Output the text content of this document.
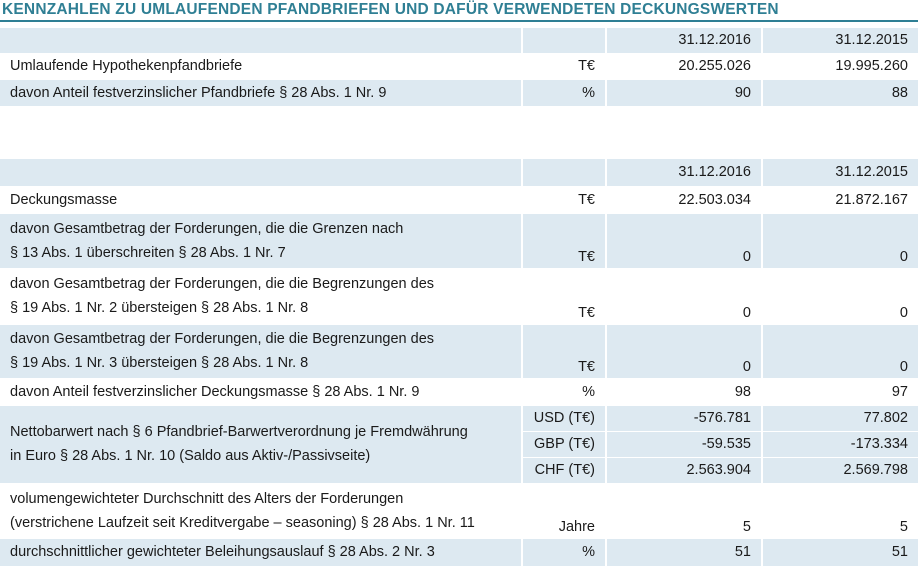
KENNZAHLEN ZU UMLAUFENDEN PFANDBRIEFEN UND DAFÜR VERWENDETEN DECKUNGSWERTEN
		31.12.2016	31.12.2015
Umlaufende Hypothekenpfandbriefe	T€	20.255.026	19.995.260
davon Anteil festverzinslicher Pfandbriefe § 28 Abs. 1 Nr. 9	%	90	88
		31.12.2016	31.12.2015
Deckungsmasse	T€	22.503.034	21.872.167

davon Gesamtbetrag der Forderungen, die die Grenzen nach
§ 13 Abs. 1 überschreiten § 28 Abs. 1 Nr. 7	T€	0	0

davon Gesamtbetrag der Forderungen, die die Begrenzungen des
§ 19 Abs. 1 Nr. 2 übersteigen § 28 Abs. 1 Nr. 8	T€	0	0

davon Gesamtbetrag der Forderungen, die die Begrenzungen des
§ 19 Abs. 1 Nr. 3 übersteigen § 28 Abs. 1 Nr. 8	T€	0	0
davon Anteil festverzinslicher Deckungsmasse § 28 Abs. 1 Nr. 9	%	98	97

Nettobarwert nach § 6 Pfandbrief-Barwertverordnung je Fremdwährung
in Euro § 28 Abs. 1 Nr. 10 (Saldo aus Aktiv-/Passivseite)	USD (T€)	-576.781	77.802
	GBP (T€)	-59.535	-173.334
	CHF (T€)	2.563.904	2.569.798

volumengewichteter Durchschnitt des Alters der Forderungen
(verstrichene Laufzeit seit Kreditvergabe – seasoning) § 28 Abs. 1 Nr. 11	Jahre	5	5
durchschnittlicher gewichteter Beleihungsauslauf § 28 Abs. 2 Nr. 3	%	51	51
